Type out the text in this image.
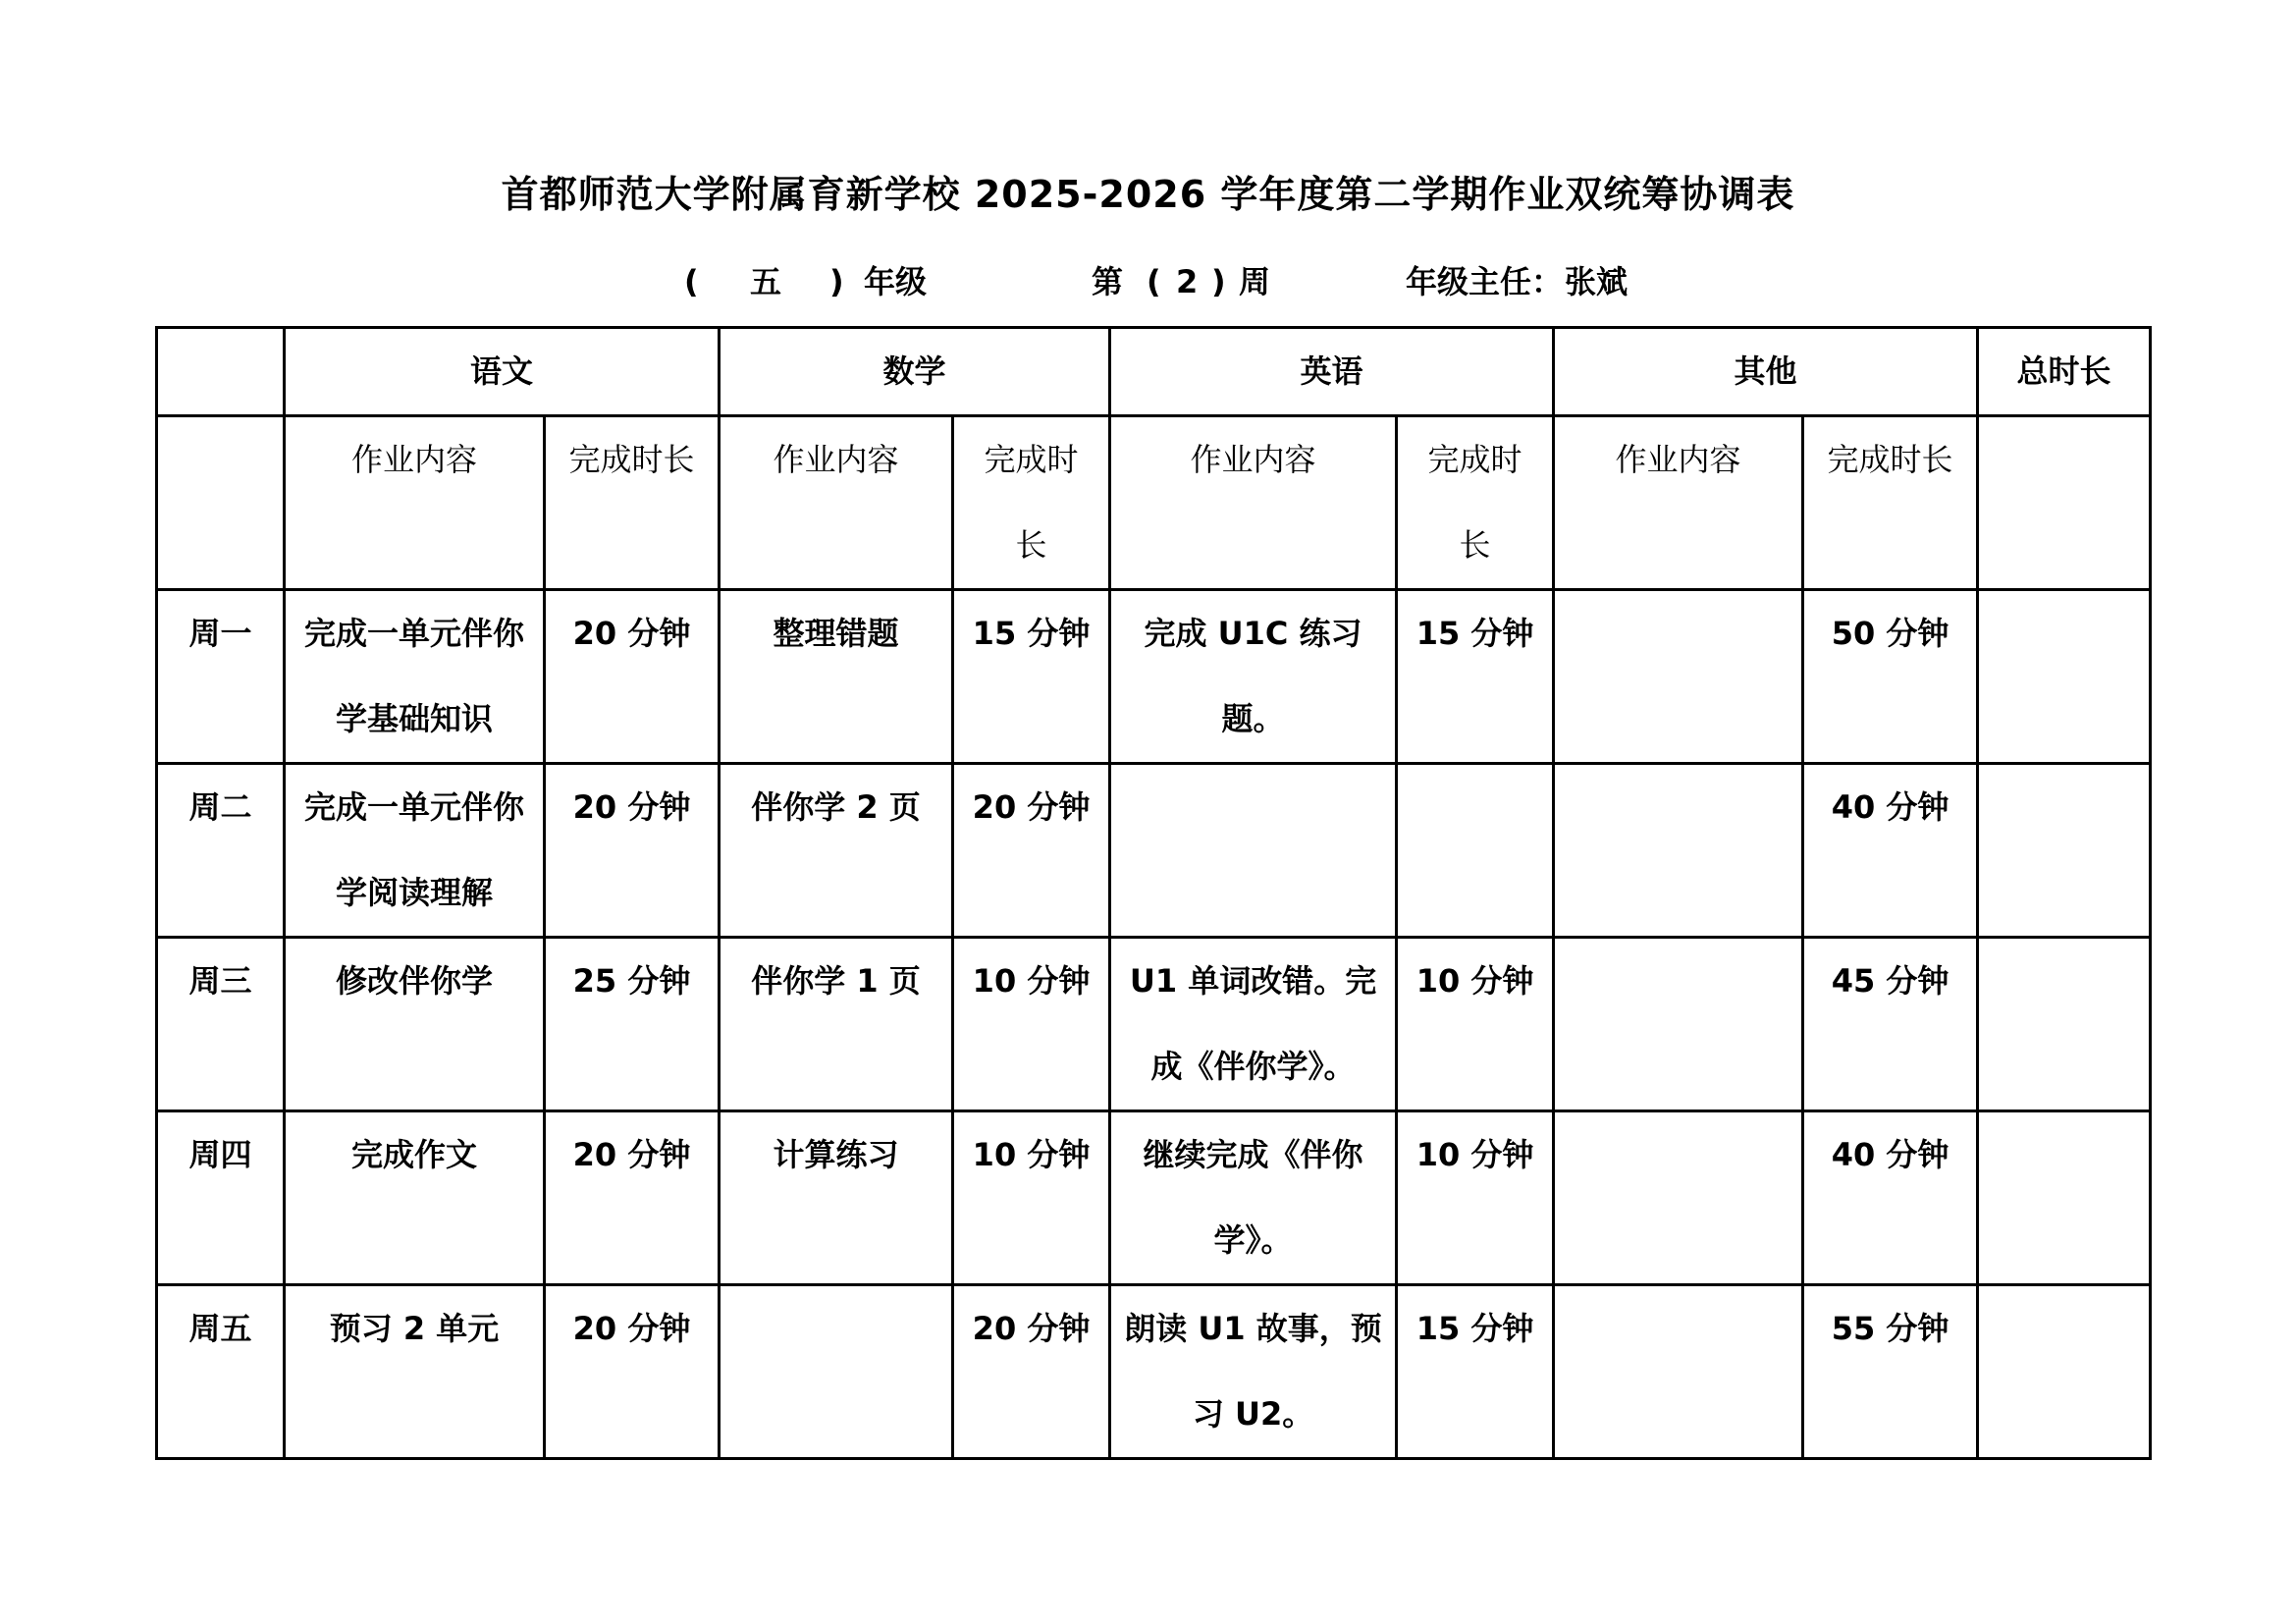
首都师范大学附属育新学校 2025-2026 学年度第二学期作业双统筹协调表
( 五 ) 年级	第 ( 2 ) 周	年级主任： 张斌
	语文		数学		英语		其他		总时长
	作业内容	完成时长	作业内容	完成时长	作业内容	完成时长	作业内容	完成时长	
周一	完成一单元伴你学基础知识	20 分钟	整理错题	15 分钟	完成 U1C 练习题。	15 分钟		50 分钟	
周二	完成一单元伴你学阅读理解	20 分钟	伴你学 2 页	20 分钟				40 分钟	
周三	修改伴你学	25 分钟	伴你学 1 页	10 分钟	U1 单词改错。完成《伴你学》。	10 分钟		45 分钟	
周四	完成作文	20 分钟	计算练习	10 分钟	继续完成《伴你学》。	10 分钟		40 分钟	
周五	预习 2 单元	20 分钟		20 分钟	朗读 U1 故事，预习 U2。	15 分钟		55 分钟	
